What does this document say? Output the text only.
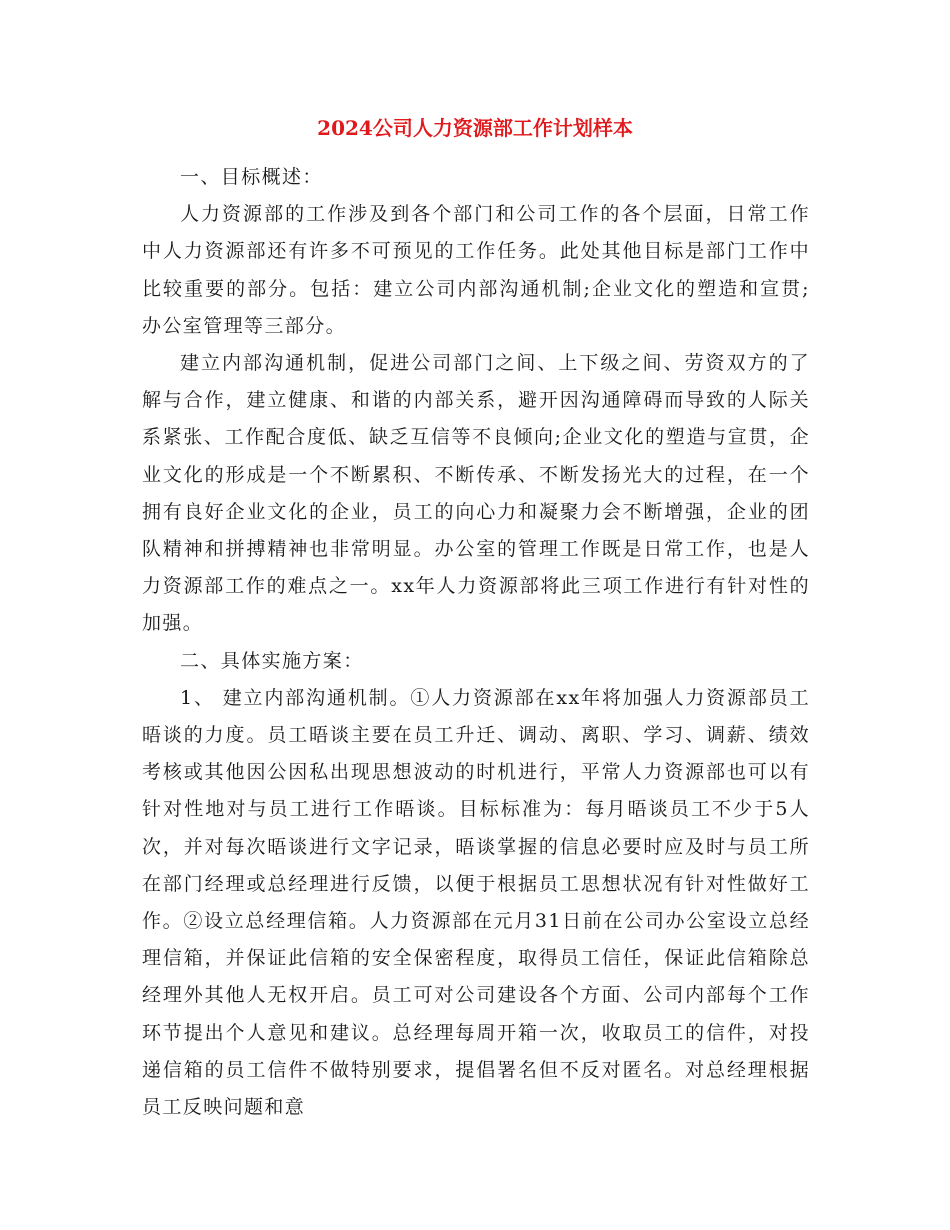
2024公司人力资源部工作计划样本

一、目标概述：

人力资源部的工作涉及到各个部门和公司工作的各个层面，日常工作中人力资源部还有许多不可预见的工作任务。此处其他目标是部门工作中比较重要的部分。包括：建立公司内部沟通机制;企业文化的塑造和宣贯;办公室管理等三部分。

建立内部沟通机制，促进公司部门之间、上下级之间、劳资双方的了解与合作，建立健康、和谐的内部关系，避开因沟通障碍而导致的人际关系紧张、工作配合度低、缺乏互信等不良倾向;企业文化的塑造与宣贯，企业文化的形成是一个不断累积、不断传承、不断发扬光大的过程，在一个拥有良好企业文化的企业，员工的向心力和凝聚力会不断增强，企业的团队精神和拼搏精神也非常明显。办公室的管理工作既是日常工作，也是人力资源部工作的难点之一。xx年人力资源部将此三项工作进行有针对性的加强。

二、具体实施方案：

1、 建立内部沟通机制。①人力资源部在xx年将加强人力资源部员工晤谈的力度。员工晤谈主要在员工升迁、调动、离职、学习、调薪、绩效考核或其他因公因私出现思想波动的时机进行，平常人力资源部也可以有针对性地对与员工进行工作晤谈。目标标准为：每月晤谈员工不少于5人次，并对每次晤谈进行文字记录，晤谈掌握的信息必要时应及时与员工所在部门经理或总经理进行反馈，以便于根据员工思想状况有针对性做好工作。②设立总经理信箱。人力资源部在元月31日前在公司办公室设立总经理信箱，并保证此信箱的安全保密程度，取得员工信任，保证此信箱除总经理外其他人无权开启。员工可对公司建设各个方面、公司内部每个工作环节提出个人意见和建议。总经理每周开箱一次，收取员工的信件，对投递信箱的员工信件不做特别要求，提倡署名但不反对匿名。对总经理根据员工反映问题和意
